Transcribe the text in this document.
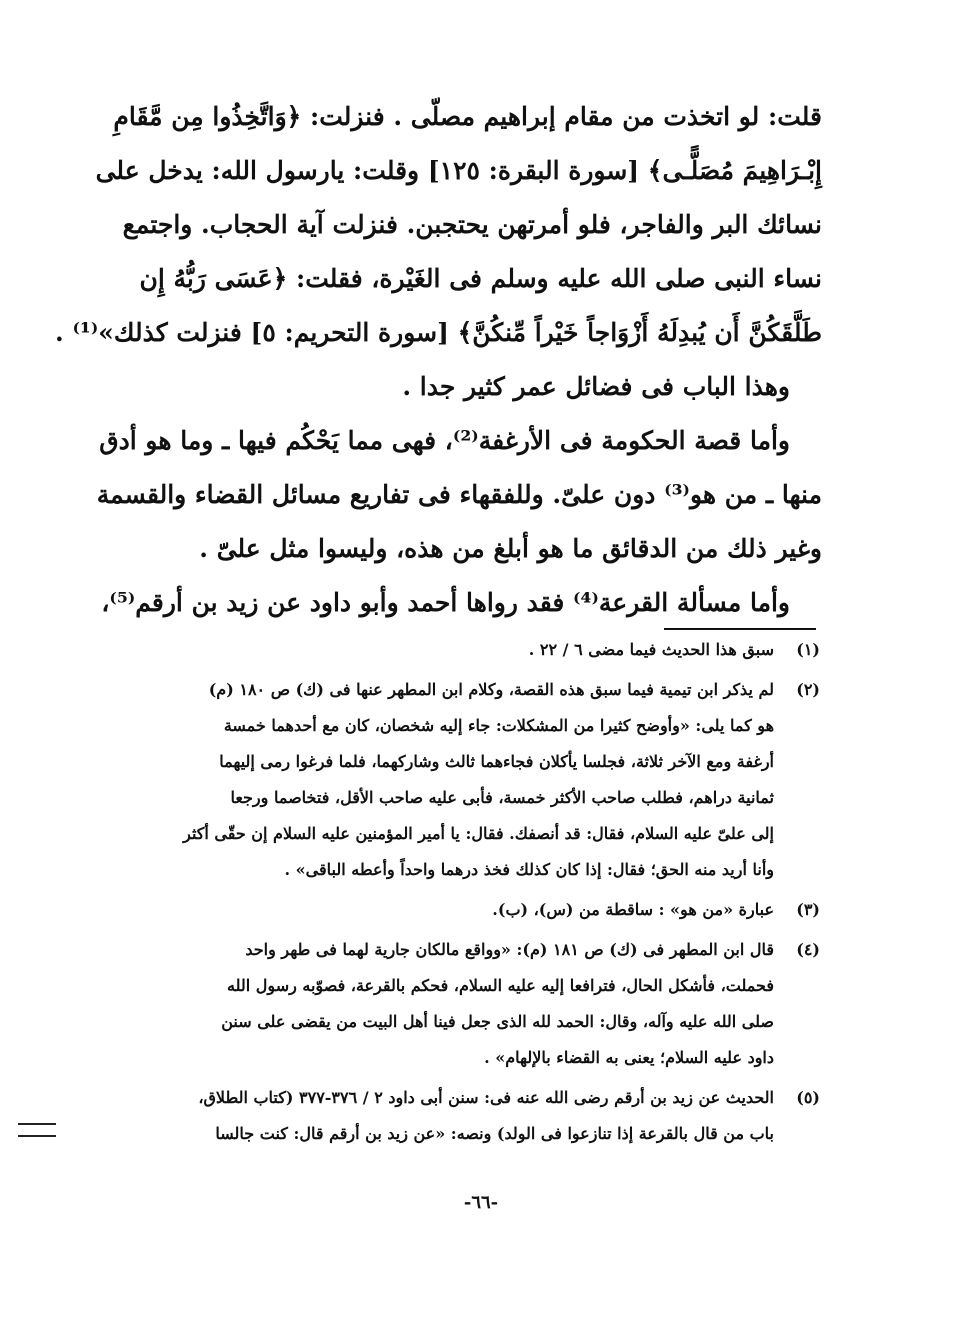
قلت: لو اتخذت من مقام إبراهيم مصلّى . فنزلت: ﴿وَاتَّخِذُوا مِن مَّقَامِ
إِبْـرَاهِيمَ مُصَلًّـى﴾ [سورة البقرة: ١٢٥] وقلت: يارسول الله: يدخل على
نسائك البر والفاجر، فلو أمرتهن يحتجبن. فنزلت آية الحجاب. واجتمع
نساء النبى صلى الله عليه وسلم فى الغَيْرة، فقلت: ﴿عَسَى رَبُّهُ إِن
طَلَّقَكُنَّ أَن يُبدِلَهُ أَزْوَاجاً خَيْراً مِّنكُنَّ﴾ [سورة التحريم: ٥] فنزلت كذلك»⁽¹⁾ .
وهذا الباب فى فضائل عمر كثير جدا .
وأما قصة الحكومة فى الأرغفة⁽²⁾، فهى مما يَحْكُم فيها ـ وما هو أدق
منها ـ من هو⁽³⁾ دون علىّ. وللفقهاء فى تفاريع مسائل القضاء والقسمة
وغير ذلك من الدقائق ما هو أبلغ من هذه، وليسوا مثل علىّ .
وأما مسألة القرعة⁽⁴⁾ فقد رواها أحمد وأبو داود عن زيد بن أرقم⁽⁵⁾،
(١)
سبق هذا الحديث فيما مضى ٦ / ٢٢ .
(٢)
لم يذكر ابن تيمية فيما سبق هذه القصة، وكلام ابن المطهر عنها فى (ك) ص ١٨٠ (م)
هو كما يلى: «وأوضح كثيرا من المشكلات: جاء إليه شخصان، كان مع أحدهما خمسة
أرغفة ومع الآخر ثلاثة، فجلسا يأكلان فجاءهما ثالث وشاركهما، فلما فرغوا رمى إليهما
ثمانية دراهم، فطلب صاحب الأكثر خمسة، فأبى عليه صاحب الأقل، فتخاصما ورجعا
إلى علىّ عليه السلام، فقال: قد أنصفك. فقال: يا أمير المؤمنين عليه السلام إن حقّى أكثر
وأنا أريد منه الحق؛ فقال: إذا كان كذلك فخذ درهما واحداً وأعطه الباقى» .
(٣)
عبارة «من هو» : ساقطة من (س)، (ب).
(٤)
قال ابن المطهر فى (ك) ص ١٨١ (م): «وواقع مالكان جارية لهما فى طهر واحد
فحملت، فأشكل الحال، فترافعا إليه عليه السلام، فحكم بالقرعة، فصوّبه رسول الله
صلى الله عليه وآله، وقال: الحمد لله الذى جعل فينا أهل البيت من يقضى على سنن
داود عليه السلام؛ يعنى به القضاء بالإلهام» .
(٥)
الحديث عن زيد بن أرقم رضى الله عنه فى: سنن أبى داود ٢ / ٣٧٦-٣٧٧ (كتاب الطلاق،
باب من قال بالقرعة إذا تنازعوا فى الولد) ونصه: «عن زيد بن أرقم قال: كنت جالسا
-٦٦-
